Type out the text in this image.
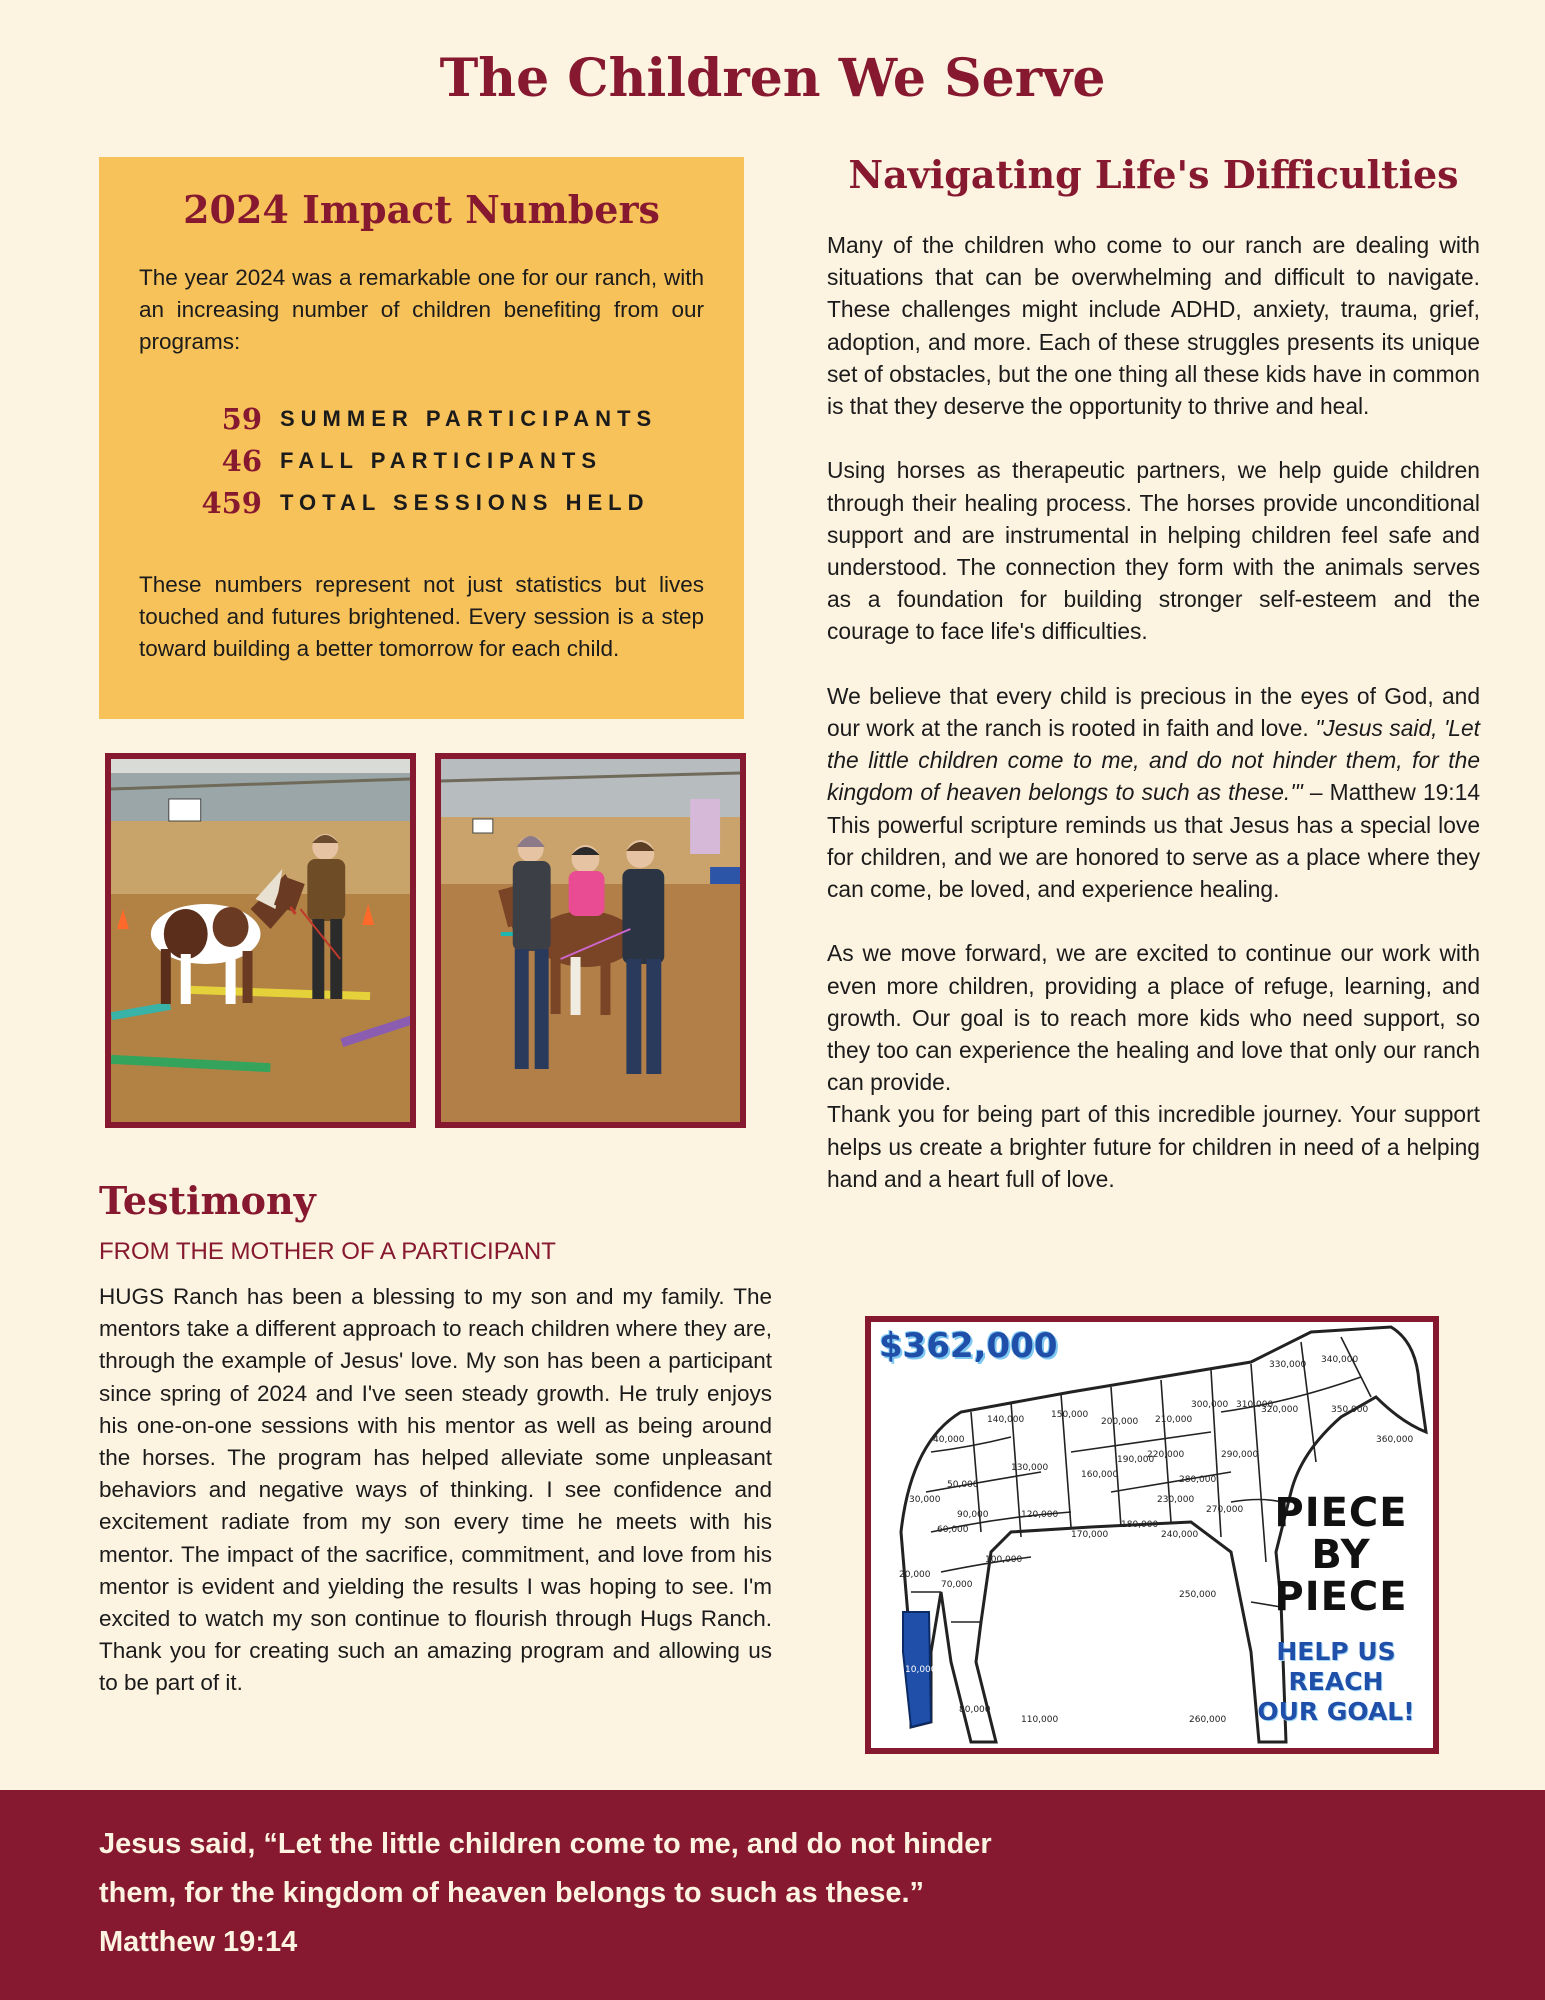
The Children We Serve
2024 Impact Numbers

The year 2024 was a remarkable one for our ranch, with an increasing number of children benefiting from our programs:

59 SUMMER PARTICIPANTS
46 FALL PARTICIPANTS
459 TOTAL SESSIONS HELD

These numbers represent not just statistics but lives touched and futures brightened. Every session is a step toward building a better tomorrow for each child.

Testimony
FROM THE MOTHER OF A PARTICIPANT

HUGS Ranch has been a blessing to my son and my family. The mentors take a different approach to reach children where they are, through the example of Jesus' love. My son has been a participant since spring of 2024 and I've seen steady growth. He truly enjoys his one-on-one sessions with his mentor as well as being around the horses. The program has helped alleviate some unpleasant behaviors and negative ways of thinking. I see confidence and excitement radiate from my son every time he meets with his mentor. The impact of the sacrifice, commitment, and love from his mentor is evident and yielding the results I was hoping to see. I'm excited to watch my son continue to flourish through Hugs Ranch. Thank you for creating such an amazing program and allowing us to be part of it.

Navigating Life's Difficulties

Many of the children who come to our ranch are dealing with situations that can be overwhelming and difficult to navigate. These challenges might include ADHD, anxiety, trauma, grief, adoption, and more. Each of these struggles presents its unique set of obstacles, but the one thing all these kids have in common is that they deserve the opportunity to thrive and heal.

Using horses as therapeutic partners, we help guide children through their healing process. The horses provide unconditional support and are instrumental in helping children feel safe and understood. The connection they form with the animals serves as a foundation for building stronger self-esteem and the courage to face life's difficulties.

We believe that every child is precious in the eyes of God, and our work at the ranch is rooted in faith and love. "Jesus said, 'Let the little children come to me, and do not hinder them, for the kingdom of heaven belongs to such as these.'" – Matthew 19:14 This powerful scripture reminds us that Jesus has a special love for children, and we are honored to serve as a place where they can come, be loved, and experience healing.

As we move forward, we are excited to continue our work with even more children, providing a place of refuge, learning, and growth. Our goal is to reach more kids who need support, so they too can experience the healing and love that only our ranch can provide.

Thank you for being part of this incredible journey. Your support helps us create a brighter future for children in need of a helping hand and a heart full of love.

10,000
20,000
30,000
40,000
50,000
60,000
70,000
80,000
90,000
100,000
110,000
120,000
130,000
140,000	150,000
160,000
170,000
180,000
190,000
200,000 210,000
220,000
230,000
240,000
250,000
260,000
270,000
280,000
290,000
300,000 310,000
320,000
330,000 340,000
350,000
360,000
$362,000
PIECE
BY
PIECE
HELP US
REACH
OUR GOAL!

Jesus said, “Let the little children come to me, and do not hinder them, for the kingdom of heaven belongs to such as these.” Matthew 19:14
